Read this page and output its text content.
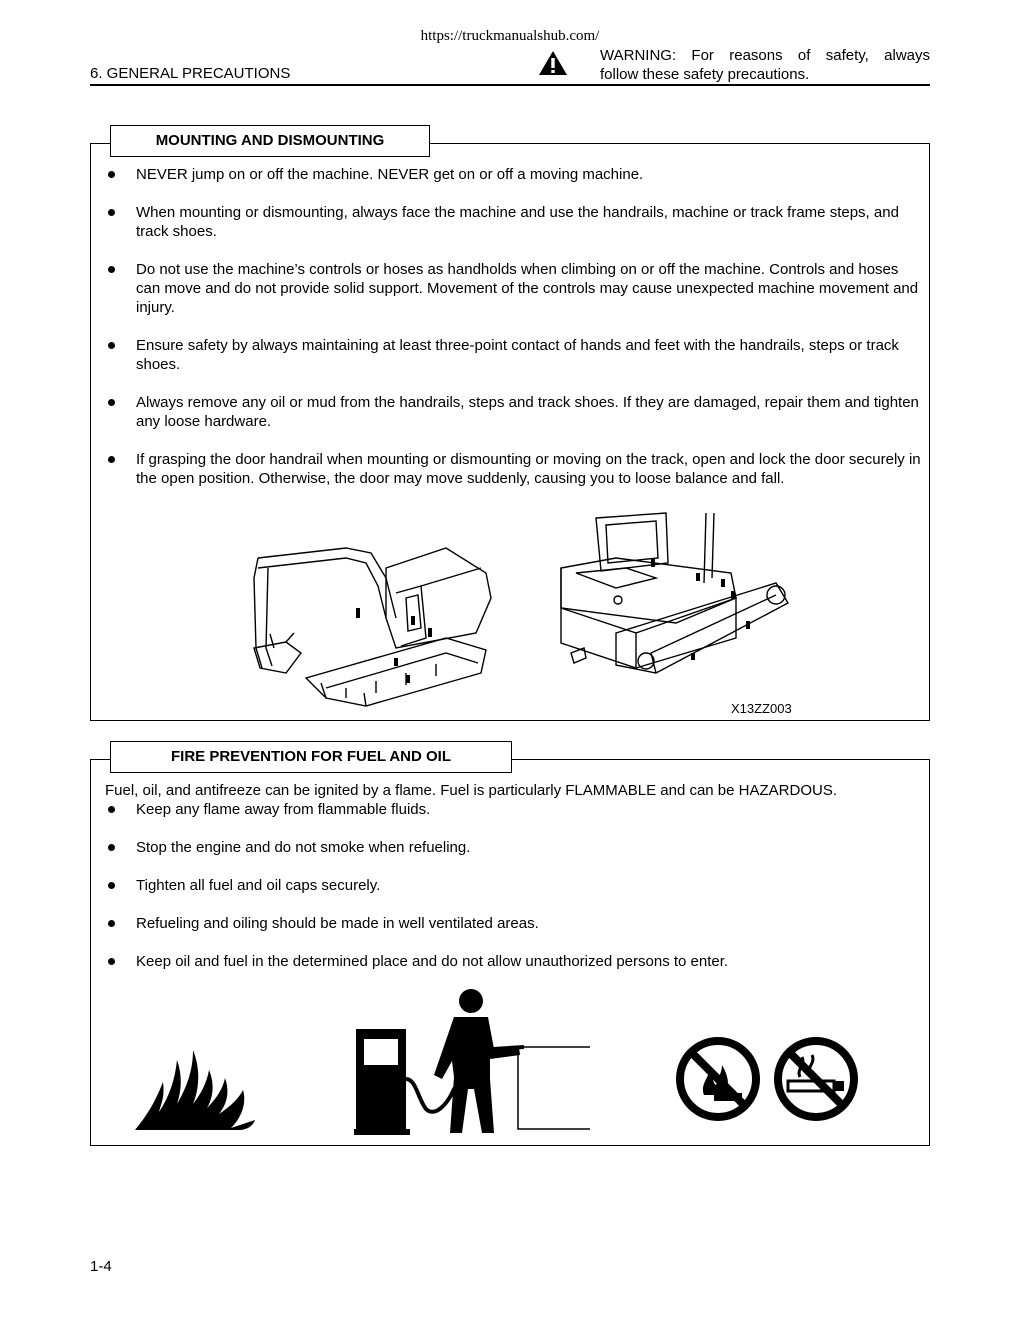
https://truckmanualshub.com/
6. GENERAL PRECAUTIONS
WARNING: For reasons of safety, always
follow these safety precautions.
MOUNTING AND DISMOUNTING
NEVER jump on or off the machine. NEVER get on or off a moving machine.
When mounting or dismounting, always face the machine and use the handrails, machine or track frame steps, and track shoes.
Do not use the machine’s controls or hoses as handholds when climbing on or off the machine. Controls and hoses can move and do not provide solid support. Movement of the controls may cause unexpected machine movement and injury.
Ensure safety by always maintaining at least three-point contact of hands and feet with the handrails, steps or track shoes.
Always remove any oil or mud from the handrails, steps and track shoes. If they are damaged, repair them and tighten any loose hardware.
If grasping the door handrail when mounting or dismounting or moving on the track, open and lock the door securely in the open position. Otherwise, the door may move suddenly, causing you to loose balance and fall.
X13ZZ003
FIRE PREVENTION FOR FUEL AND OIL
Fuel, oil, and antifreeze can be ignited by a flame. Fuel is particularly FLAMMABLE and can be HAZARDOUS.
Keep any flame away from flammable fluids.
Stop the engine and do not smoke when refueling.
Tighten all fuel and oil caps securely.
Refueling and oiling should be made in well ventilated areas.
Keep oil and fuel in the determined place and do not allow unauthorized persons to enter.
1-4
